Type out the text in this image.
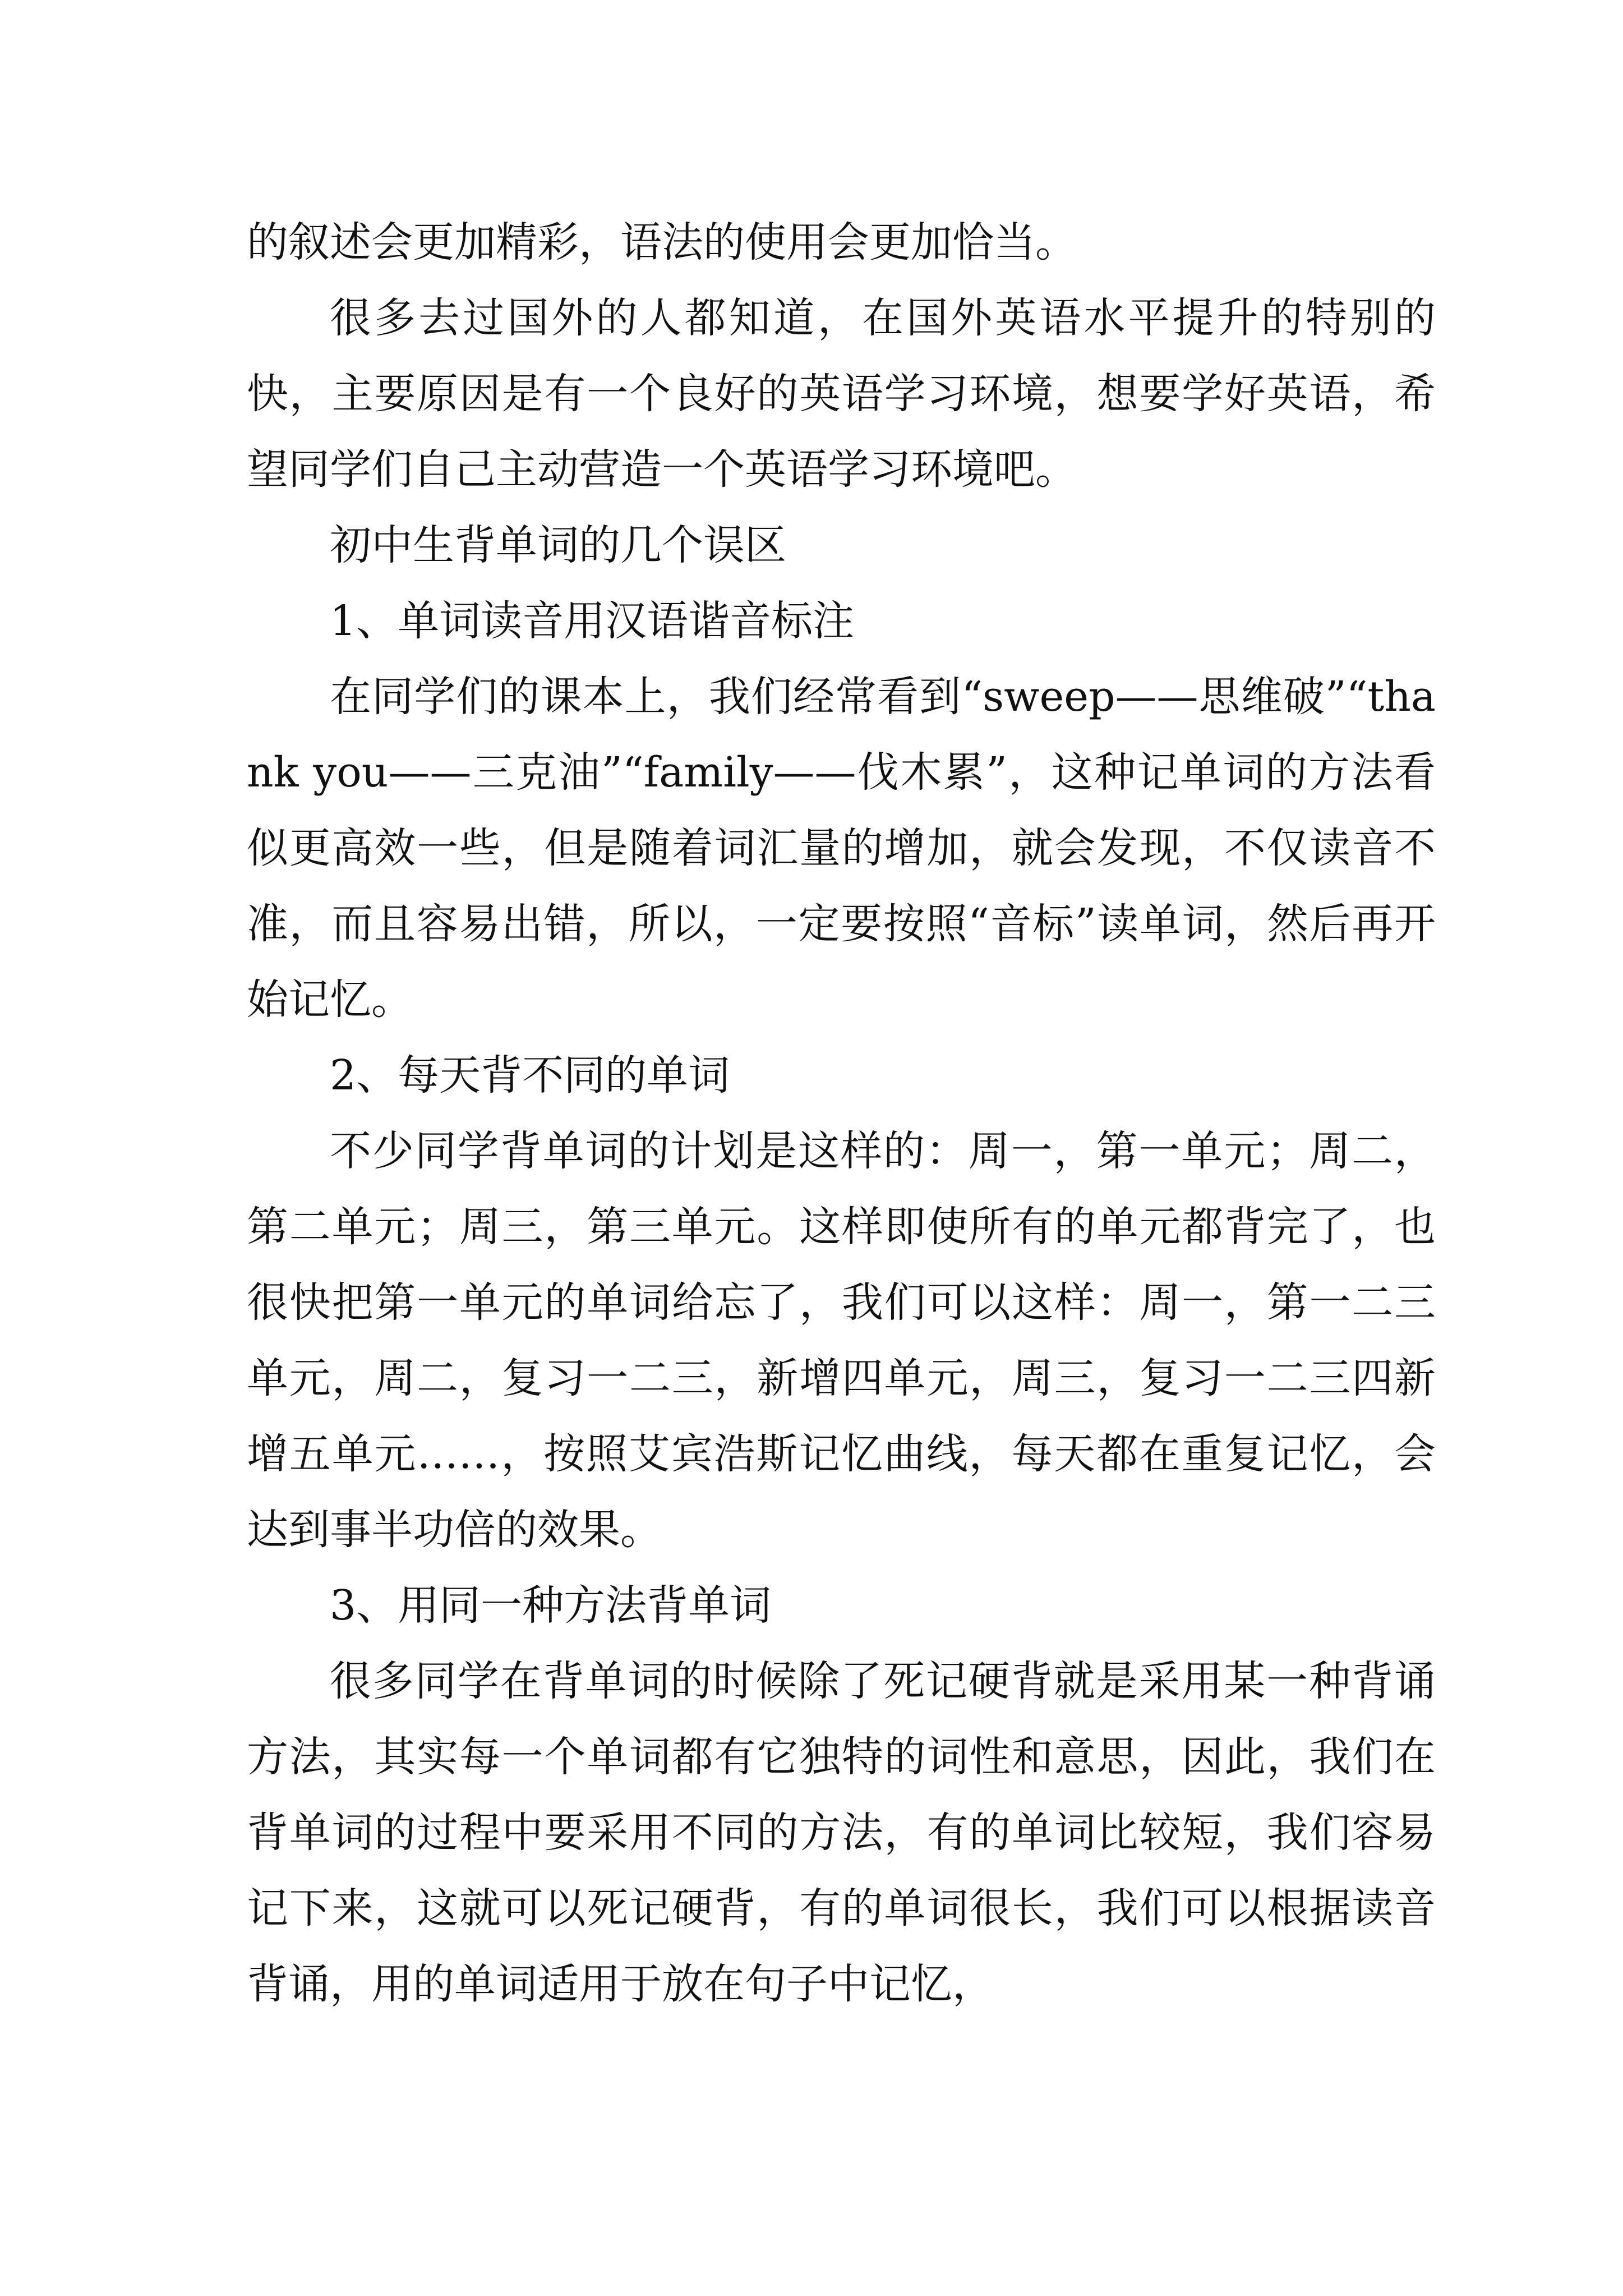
的叙述会更加精彩，语法的使用会更加恰当。

很多去过国外的人都知道，在国外英语水平提升的特别的快，主要原因是有一个良好的英语学习环境，想要学好英语，希望同学们自己主动营造一个英语学习环境吧。

初中生背单词的几个误区

1、单词读音用汉语谐音标注

在同学们的课本上，我们经常看到“sweep——思维破”“thank you——三克油”“family——伐木累”，这种记单词的方法看似更高效一些，但是随着词汇量的增加，就会发现，不仅读音不准，而且容易出错，所以，一定要按照“音标”读单词，然后再开始记忆。

2、每天背不同的单词

不少同学背单词的计划是这样的：周一，第一单元；周二，第二单元；周三，第三单元。这样即使所有的单元都背完了，也很快把第一单元的单词给忘了，我们可以这样：周一，第一二三单元，周二，复习一二三，新增四单元，周三，复习一二三四新增五单元……，按照艾宾浩斯记忆曲线，每天都在重复记忆，会达到事半功倍的效果。

3、用同一种方法背单词

很多同学在背单词的时候除了死记硬背就是采用某一种背诵方法，其实每一个单词都有它独特的词性和意思，因此，我们在背单词的过程中要采用不同的方法，有的单词比较短，我们容易记下来，这就可以死记硬背，有的单词很长，我们可以根据读音背诵，用的单词适用于放在句子中记忆，
